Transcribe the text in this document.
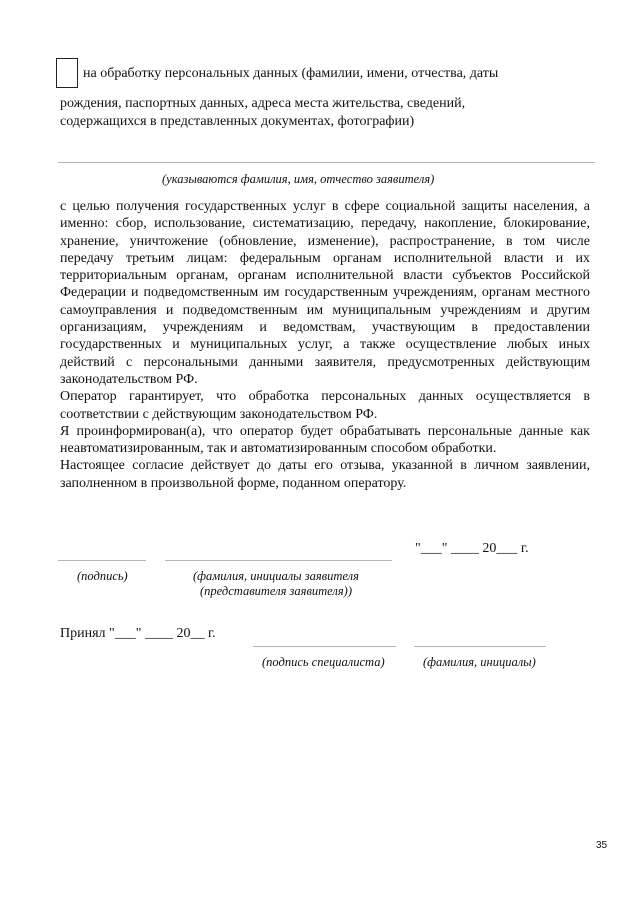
на обработку персональных данных (фамилии, имени, отчества, даты
рождения, паспортных данных, адреса места жительства, сведений,
содержащихся в представленных документах, фотографии)
(указываются фамилия, имя, отчество заявителя)

с целью получения государственных услуг в сфере социальной защиты населения, а именно: сбор, использование, систематизацию, передачу, накопление, блокирование, хранение, уничтожение (обновление, изменение), распространение, в том числе передачу третьим лицам: федеральным органам исполнительной власти и их территориальным органам, органам исполнительной власти субъектов Российской Федерации и подведомственным им государственным учреждениям, органам местного самоуправления и подведомственным им муниципальным учреждениям и другим организациям, учреждениям и ведомствам, участвующим в предоставлении государственных и муниципальных услуг, а также осуществление любых иных действий с персональными данными заявителя, предусмотренных действующим законодательством РФ.

Оператор гарантирует, что обработка персональных данных осуществляется в соответствии с действующим законодательством РФ.

Я проинформирован(а), что оператор будет обрабатывать персональные данные как неавтоматизированным, так и автоматизированным способом обработки.

Настоящее согласие действует до даты его отзыва, указанной в личном заявлении, заполненном в произвольной форме, поданном оператору.

"___" ____ 20___ г.
(подпись)	(фамилия, инициалы заявителя
(представителя заявителя))
Принял "___" ____ 20__ г.
(подпись специалиста)	(фамилия, инициалы)
35
